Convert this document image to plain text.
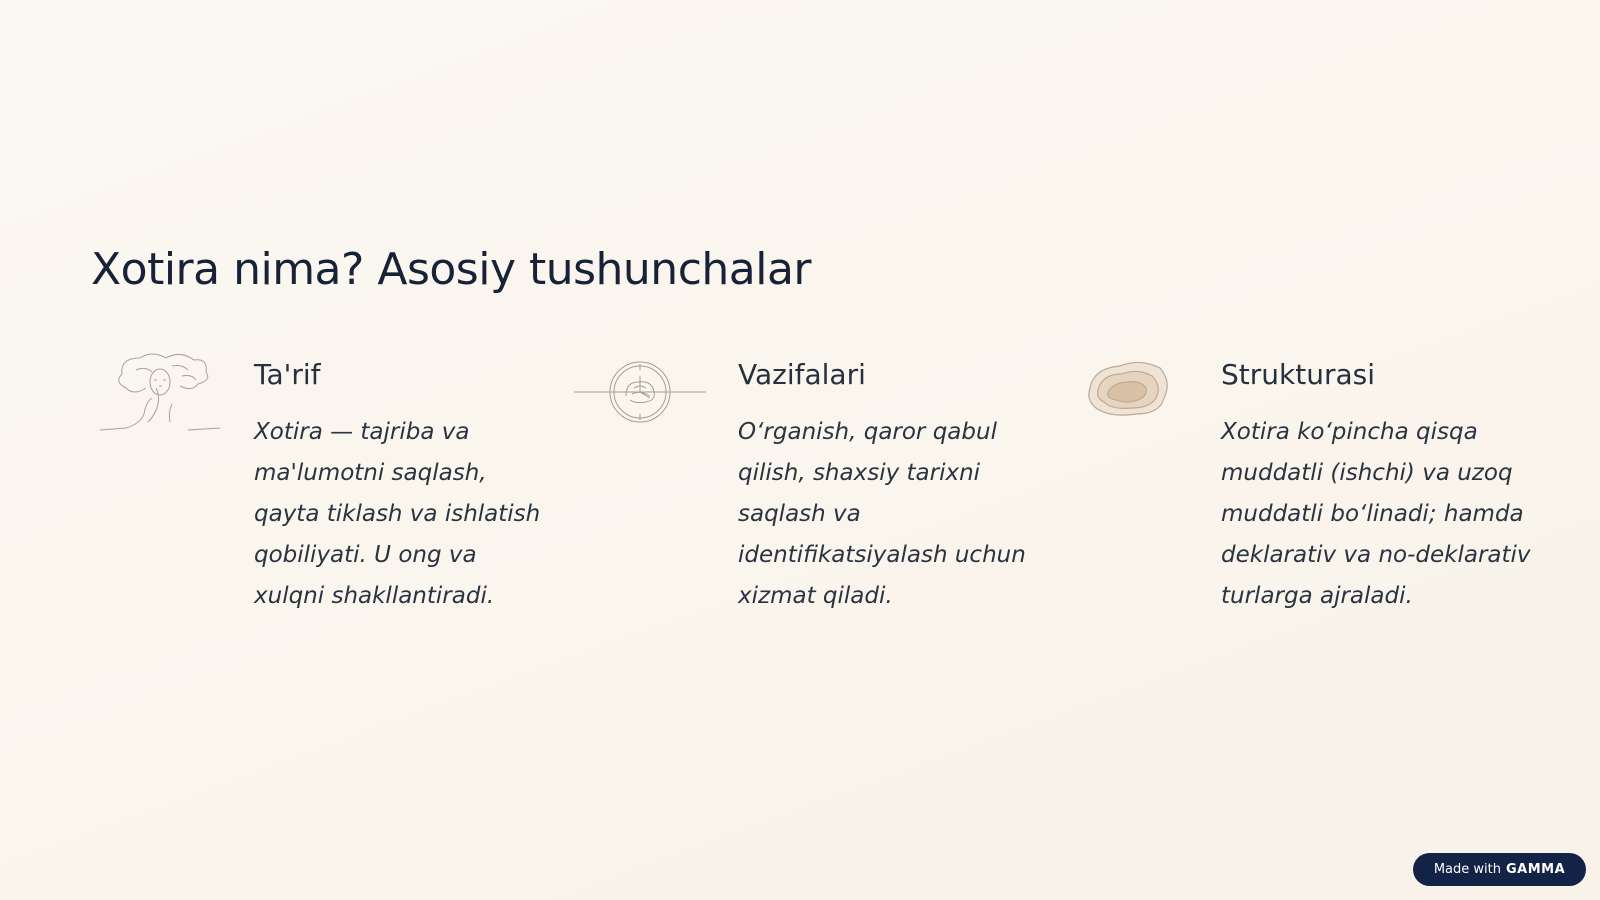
Xotira nima? Asosiy tushunchalar
Ta'rif

Xotira — tajriba va ma'lumotni saqlash, qayta tiklash va ishlatish qobiliyati. U ong va xulqni shakllantiradi.

Vazifalari

O‘rganish, qaror qabul qilish, shaxsiy tarixni saqlash va identifikatsiyalash uchun xizmat qiladi.

Strukturasi

Xotira ko‘pincha qisqa muddatli (ishchi) va uzoq muddatli bo‘linadi; hamda deklarativ va no-deklarativ turlarga ajraladi.

Made with GAMMA
